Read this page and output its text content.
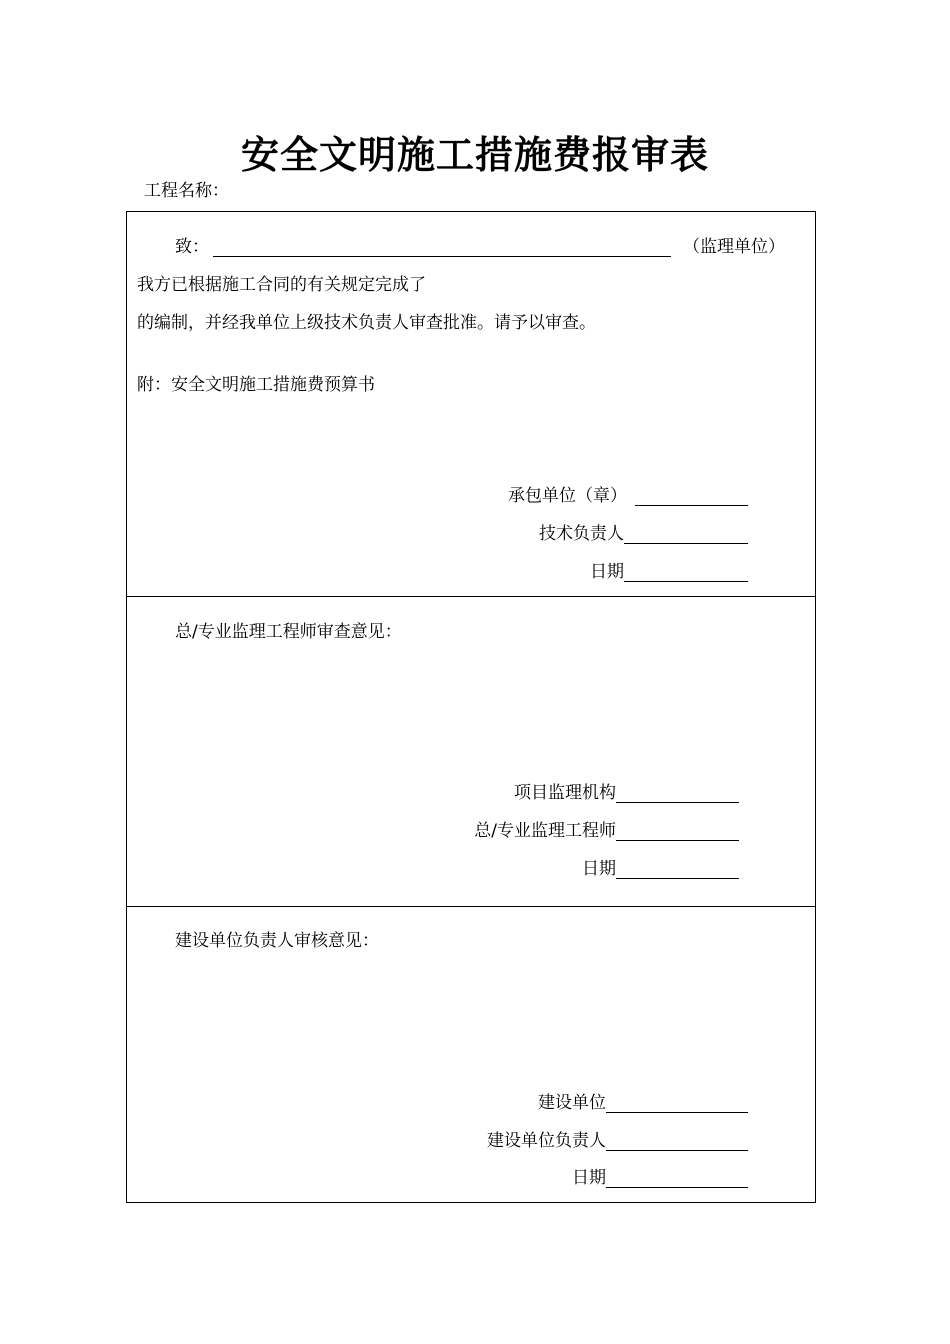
安全文明施工措施费报审表
工程名称：
致：	（监理单位）
我方已根据施工合同的有关规定完成了
的编制，并经我单位上级技术负责人审查批准。请予以审查。
附：安全文明施工措施费预算书
承包单位（章）
技术负责人
日期
总/专业监理工程师审查意见：
项目监理机构
总/专业监理工程师
日期
建设单位负责人审核意见：
建设单位
建设单位负责人
日期
